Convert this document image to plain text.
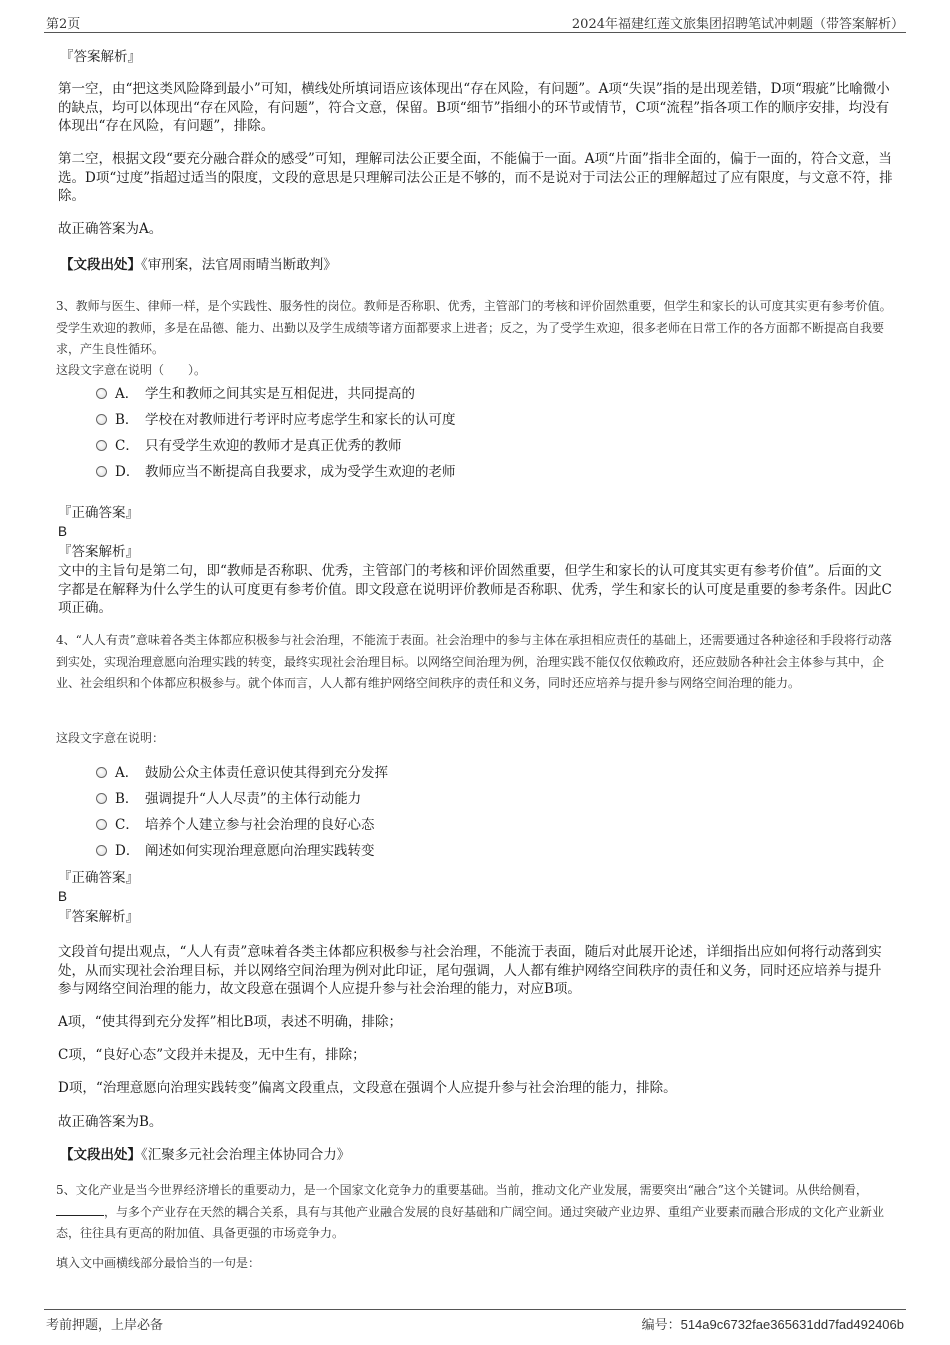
第2页	2024年福建红莲文旅集团招聘笔试冲刺题（带答案解析）
『答案解析』

第一空，由“把这类风险降到最小”可知，横线处所填词语应该体现出“存在风险，有问题”。A项“失误”指的是出现差错，D项“瑕疵”比喻微小的缺点，均可以体现出“存在风险，有问题”，符合文意，保留。B项“细节”指细小的环节或情节，C项“流程”指各项工作的顺序安排，均没有体现出“存在风险，有问题”，排除。

第二空，根据文段“要充分融合群众的感受”可知，理解司法公正要全面，不能偏于一面。A项“片面”指非全面的，偏于一面的，符合文意，当选。D项“过度”指超过适当的限度，文段的意思是只理解司法公正是不够的，而不是说对于司法公正的理解超过了应有限度，与文意不符，排除。

故正确答案为A。

【文段出处】《审刑案，法官周雨晴当断敢判》

3、教师与医生、律师一样，是个实践性、服务性的岗位。教师是否称职、优秀，主管部门的考核和评价固然重要，但学生和家长的认可度其实更有参考价值。受学生欢迎的教师，多是在品德、能力、出勤以及学生成绩等诸方面都要求上进者；反之，为了受学生欢迎，很多老师在日常工作的各方面都不断提高自我要求，产生良性循环。

这段文字意在说明（　　）。

A． 学生和教师之间其实是互相促进，共同提高的
B． 学校在对教师进行考评时应考虑学生和家长的认可度
C． 只有受学生欢迎的教师才是真正优秀的教师
D． 教师应当不断提高自我要求，成为受学生欢迎的老师
『正确答案』
B
『答案解析』

文中的主旨句是第二句，即“教师是否称职、优秀，主管部门的考核和评价固然重要，但学生和家长的认可度其实更有参考价值”。后面的文字都是在解释为什么学生的认可度更有参考价值。即文段意在说明评价教师是否称职、优秀，学生和家长的认可度是重要的参考条件。因此C项正确。

4、“人人有责”意味着各类主体都应积极参与社会治理，不能流于表面。社会治理中的参与主体在承担相应责任的基础上，还需要通过各种途径和手段将行动落到实处，实现治理意愿向治理实践的转变，最终实现社会治理目标。以网络空间治理为例，治理实践不能仅仅依赖政府，还应鼓励各种社会主体参与其中，企业、社会组织和个体都应积极参与。就个体而言，人人都有维护网络空间秩序的责任和义务，同时还应培养与提升参与网络空间治理的能力。

这段文字意在说明：

A． 鼓励公众主体责任意识使其得到充分发挥
B． 强调提升“人人尽责”的主体行动能力
C． 培养个人建立参与社会治理的良好心态
D． 阐述如何实现治理意愿向治理实践转变
『正确答案』
B
『答案解析』

文段首句提出观点，“人人有责”意味着各类主体都应积极参与社会治理，不能流于表面，随后对此展开论述，详细指出应如何将行动落到实处，从而实现社会治理目标，并以网络空间治理为例对此印证，尾句强调，人人都有维护网络空间秩序的责任和义务，同时还应培养与提升参与网络空间治理的能力，故文段意在强调个人应提升参与社会治理的能力，对应B项。

A项，“使其得到充分发挥”相比B项，表述不明确，排除；

C项，“良好心态”文段并未提及，无中生有，排除；

D项，“治理意愿向治理实践转变”偏离文段重点，文段意在强调个人应提升参与社会治理的能力，排除。

故正确答案为B。

【文段出处】《汇聚多元社会治理主体协同合力》

5、文化产业是当今世界经济增长的重要动力，是一个国家文化竞争力的重要基础。当前，推动文化产业发展，需要突出“融合”这个关键词。从供给侧看，，与多个产业存在天然的耦合关系，具有与其他产业融合发展的良好基础和广阔空间。通过突破产业边界、重组产业要素而融合形成的文化产业新业态，往往具有更高的附加值、具备更强的市场竞争力。

填入文中画横线部分最恰当的一句是：

考前押题，上岸必备	编号：514a9c6732fae365631dd7fad492406b
